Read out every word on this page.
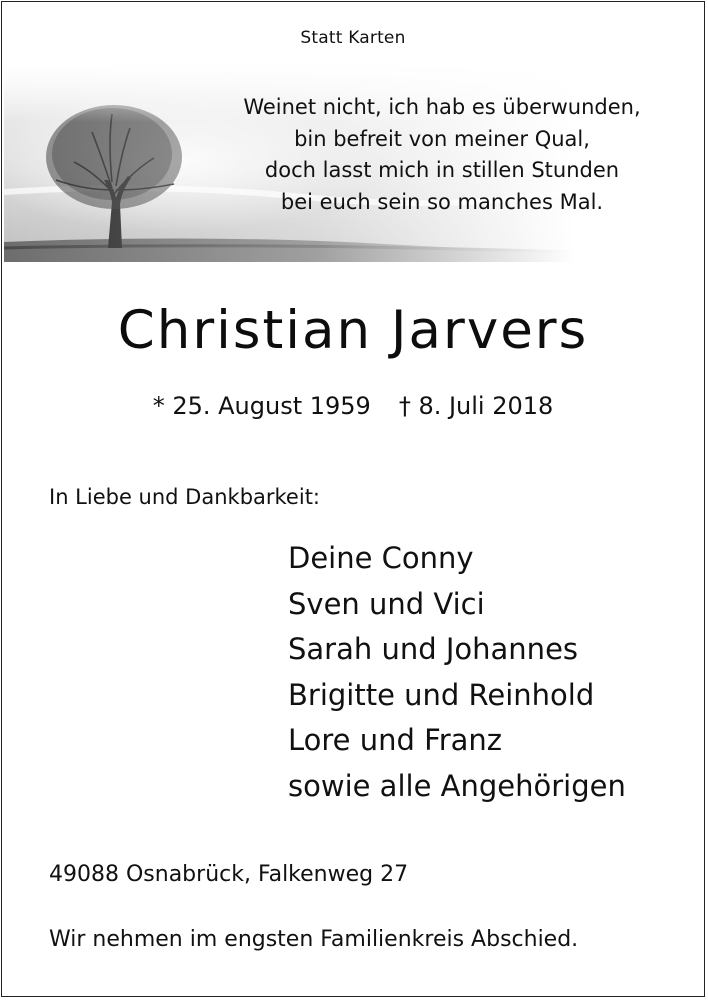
Statt Karten
Weinet nicht, ich hab es überwunden,
bin befreit von meiner Qual,
doch lasst mich in stillen Stunden
bei euch sein so manches Mal.
Christian Jarvers
* 25. August 1959 † 8. Juli 2018
In Liebe und Dankbarkeit:
Deine Conny
Sven und Vici
Sarah und Johannes
Brigitte und Reinhold
Lore und Franz
sowie alle Angehörigen
49088 Osnabrück, Falkenweg 27
Wir nehmen im engsten Familienkreis Abschied.
